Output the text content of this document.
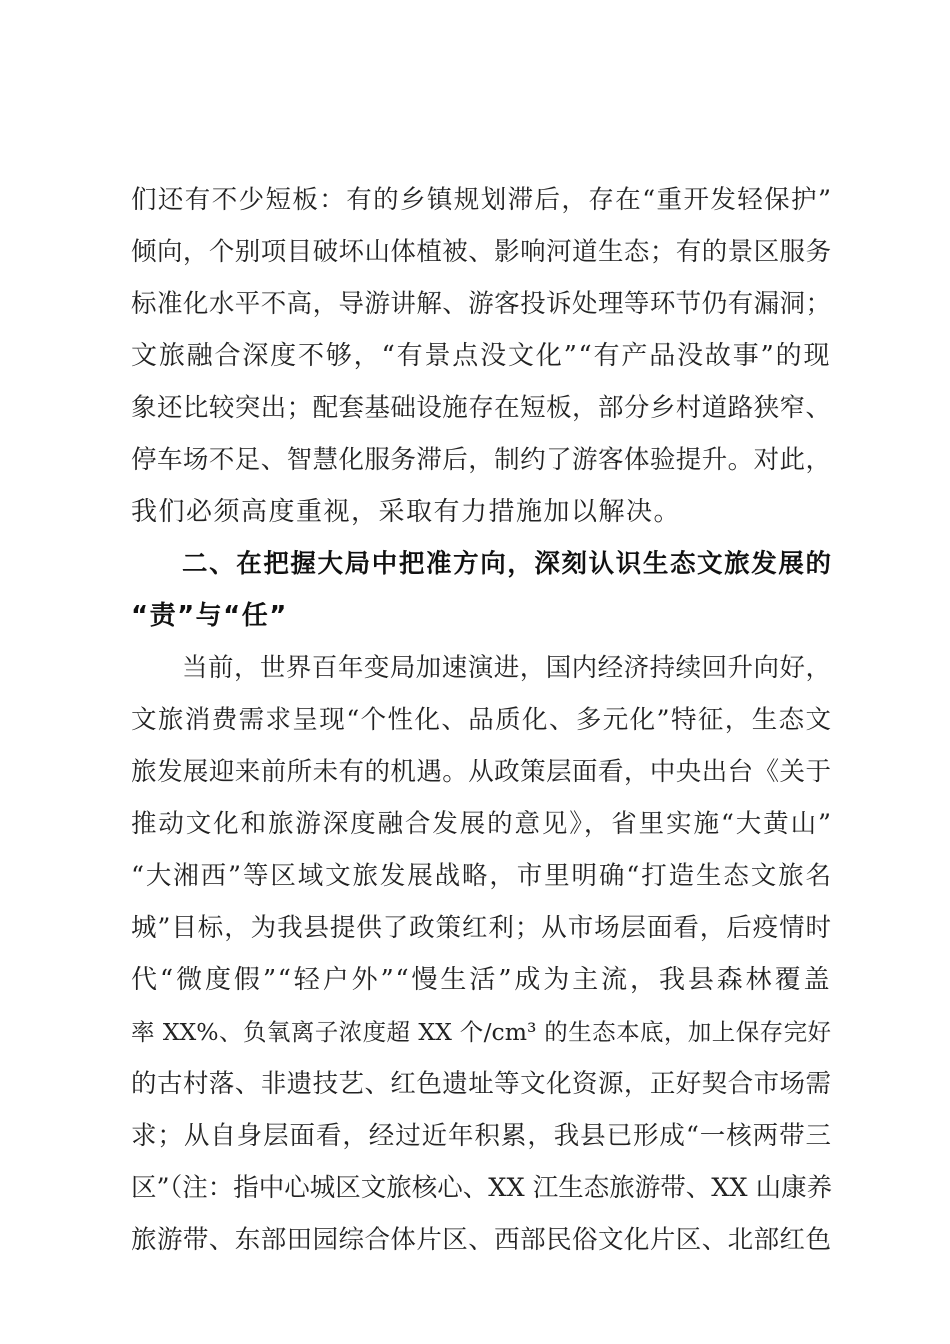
们还有不少短板：有的乡镇规划滞后，存在“重开发轻保护”
倾向，个别项目破坏山体植被、影响河道生态；有的景区服务
标准化水平不高，导游讲解、游客投诉处理等环节仍有漏洞；
文旅融合深度不够，“有景点没文化”“有产品没故事”的现
象还比较突出；配套基础设施存在短板，部分乡村道路狭窄、
停车场不足、智慧化服务滞后，制约了游客体验提升。对此，
我们必须高度重视，采取有力措施加以解决。
二、在把握大局中把准方向，深刻认识生态文旅发展的
“责”与“任”
当前，世界百年变局加速演进，国内经济持续回升向好，
文旅消费需求呈现“个性化、品质化、多元化”特征，生态文
旅发展迎来前所未有的机遇。从政策层面看，中央出台《关于
推动文化和旅游深度融合发展的意见》，省里实施“大黄山”
“大湘西”等区域文旅发展战略，市里明确“打造生态文旅名
城”目标，为我县提供了政策红利；从市场层面看，后疫情时
代“微度假”“轻户外”“慢生活”成为主流，我县森林覆盖
率 XX%、负氧离子浓度超 XX 个/cm³ 的生态本底，加上保存完好
的古村落、非遗技艺、红色遗址等文化资源，正好契合市场需
求；从自身层面看，经过近年积累，我县已形成“一核两带三
区”（注：指中心城区文旅核心、XX 江生态旅游带、XX 山康养
旅游带、东部田园综合体片区、西部民俗文化片区、北部红色
